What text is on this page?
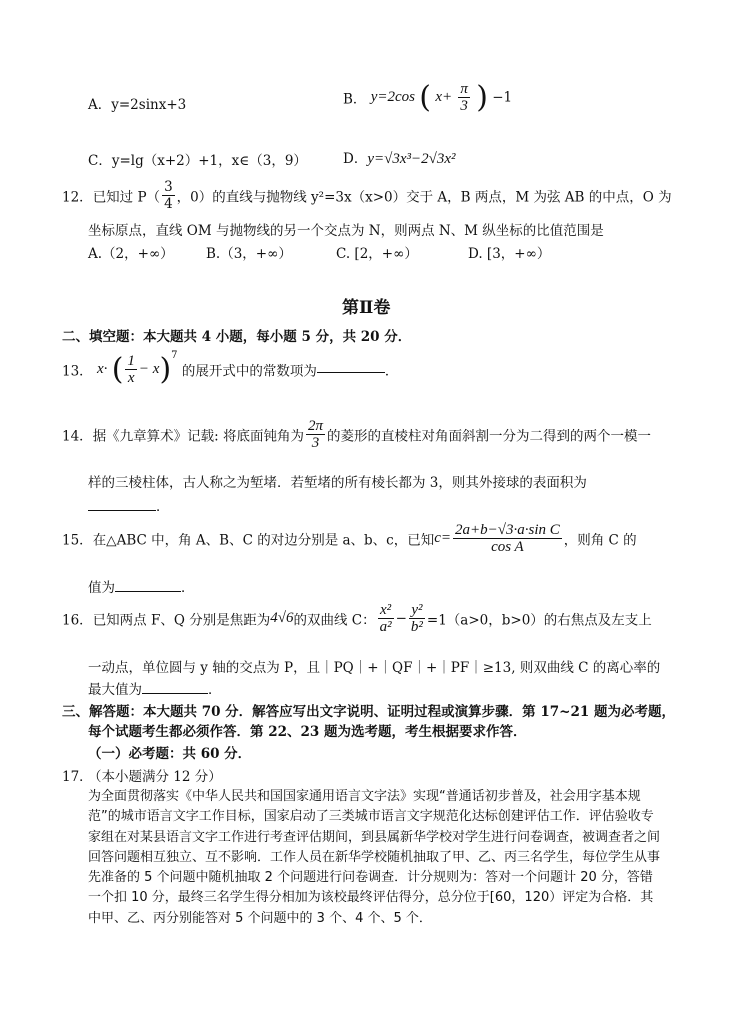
A．y=2sinx+3	B． y=2cos ( $x+ \frac{\pi}{3}$ ) −1
C．y=lg（x+2）+1，x∈（3，9）	D．y=√3x³−2√3x²
12．已知过 $P( \frac{3}{4}$ ，0）的直线与抛物线 y²=3x（x>0）交于 A，B 两点，M 为弦 AB 的中点，O 为
坐标原点，直线 OM 与抛物线的另一个交点为 N，则两点 N、M 纵坐标的比值范围是
A.（2，+∞） B.（3，+∞）	C. [2，+∞）	D. [3，+∞）
第Ⅱ卷
二、填空题：本大题共 4 小题，每小题 5 分，共 20 分．
13． x· ( $\frac{1}{x} - x)^7$ 的展开式中的常数项为	．
14．据《九章算术》记载: 将底面钝角为 $\frac{2\pi}{3}$ 的菱形的直棱柱对角面斜割一分为二得到的两个一模一
样的三棱柱体，古人称之为堑堵．若堑堵的所有棱长都为 3，则其外接球的表面积为
．
15．在△ABC 中，角 A、B、C 的对边分别是 a、b、c，已知$c= \frac{\text{2a+b−√3·a·sin C}}{\text{cos A}}$ ，则角 C 的
值为	．
16．已知两点 F、Q 分别是焦距为4√6的双曲线 C： $\frac{\text{x²}}{\text{a²}} - \frac{\text{y²}}{\text{b²}} =1(a>0$，b>0）的右焦点及左支上
一动点，单位圆与 y 轴的交点为 P，且｜PQ｜+｜QF｜+｜PF｜≥13, 则双曲线 C 的离心率的
最大值为	．
三、解答题：本大题共 70 分．解答应写出文字说明、证明过程或演算步骤．第 17~21 题为必考题，
每个试题考生都必须作答．第 22、23 题为选考题，考生根据要求作答．
（一）必考题：共 60 分．
17．
（本小题满分 12 分）
为全面贯彻落实《中华人民共和国国家通用语言文字法》实现“普通话初步普及，社会用字基本规范”的城市语言文字工作目标，国家启动了三类城市语言文字规范化达标创建评估工作．评估验收专家组在对某县语言文字工作进行考查评估期间，到县属新华学校对学生进行问卷调查，被调查者之间回答问题相互独立、互不影响．工作人员在新华学校随机抽取了甲、乙、丙三名学生，每位学生从事先准备的 5 个问题中随机抽取 2 个问题进行问卷调查．计分规则为：答对一个问题计 20 分，答错一个扣 10 分，最终三名学生得分相加为该校最终评估得分，总分位于[60，120）评定为合格．其中甲、乙、丙分别能答对 5 个问题中的 3 个、4 个、5 个．
